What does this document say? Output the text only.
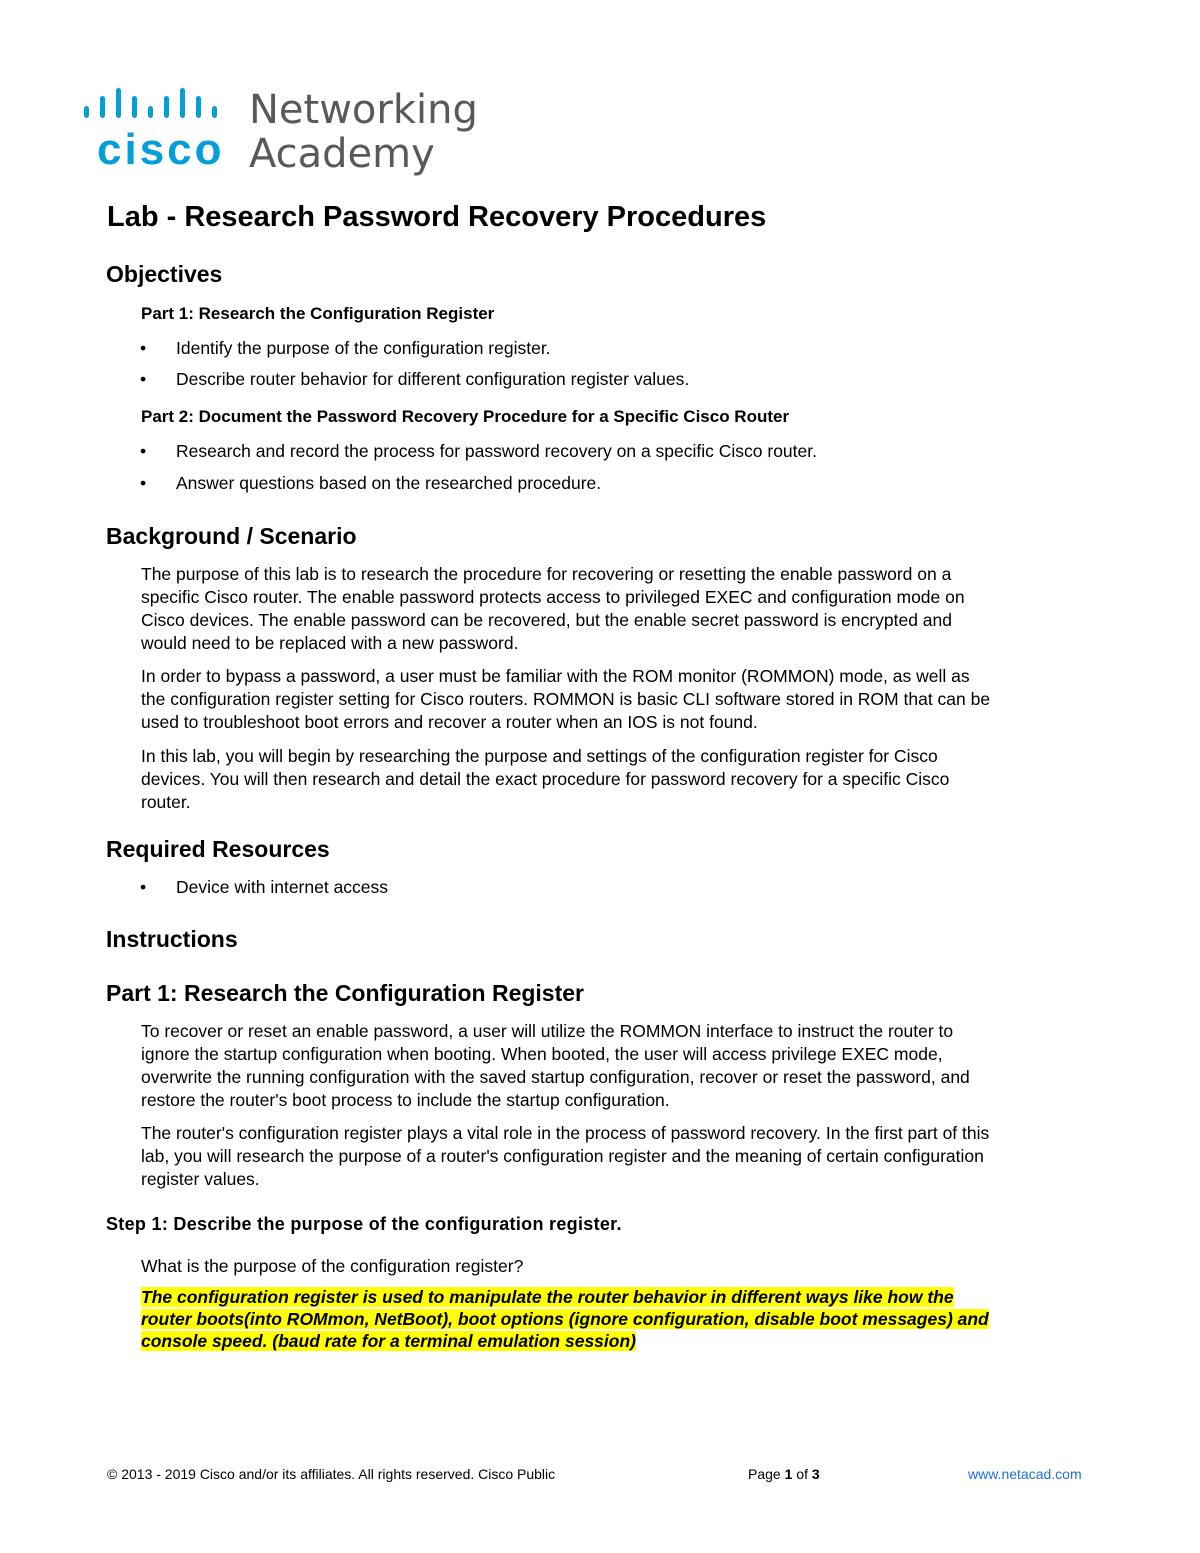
cisco
Networking
Academy
Lab - Research Password Recovery Procedures
Objectives
Part 1: Research the Configuration Register
• Identify the purpose of the configuration register.
• Describe router behavior for different configuration register values.
Part 2: Document the Password Recovery Procedure for a Specific Cisco Router
• Research and record the process for password recovery on a specific Cisco router.
• Answer questions based on the researched procedure.
Background / Scenario
The purpose of this lab is to research the procedure for recovering or resetting the enable password on a
specific Cisco router. The enable password protects access to privileged EXEC and configuration mode on
Cisco devices. The enable password can be recovered, but the enable secret password is encrypted and
would need to be replaced with a new password.
In order to bypass a password, a user must be familiar with the ROM monitor (ROMMON) mode, as well as
the configuration register setting for Cisco routers. ROMMON is basic CLI software stored in ROM that can be
used to troubleshoot boot errors and recover a router when an IOS is not found.
In this lab, you will begin by researching the purpose and settings of the configuration register for Cisco
devices. You will then research and detail the exact procedure for password recovery for a specific Cisco
router.
Required Resources
• Device with internet access
Instructions
Part 1: Research the Configuration Register
To recover or reset an enable password, a user will utilize the ROMMON interface to instruct the router to
ignore the startup configuration when booting. When booted, the user will access privilege EXEC mode,
overwrite the running configuration with the saved startup configuration, recover or reset the password, and
restore the router's boot process to include the startup configuration.
The router's configuration register plays a vital role in the process of password recovery. In the first part of this
lab, you will research the purpose of a router's configuration register and the meaning of certain configuration
register values.
Step 1: Describe the purpose of the configuration register.
What is the purpose of the configuration register?
The configuration register is used to manipulate the router behavior in different ways like how the
router boots(into ROMmon, NetBoot), boot options (ignore configuration, disable boot messages) and
console speed. (baud rate for a terminal emulation session)
© 2013 - 2019 Cisco and/or its affiliates. All rights reserved. Cisco Public	Page 1 of 3	www.netacad.com
